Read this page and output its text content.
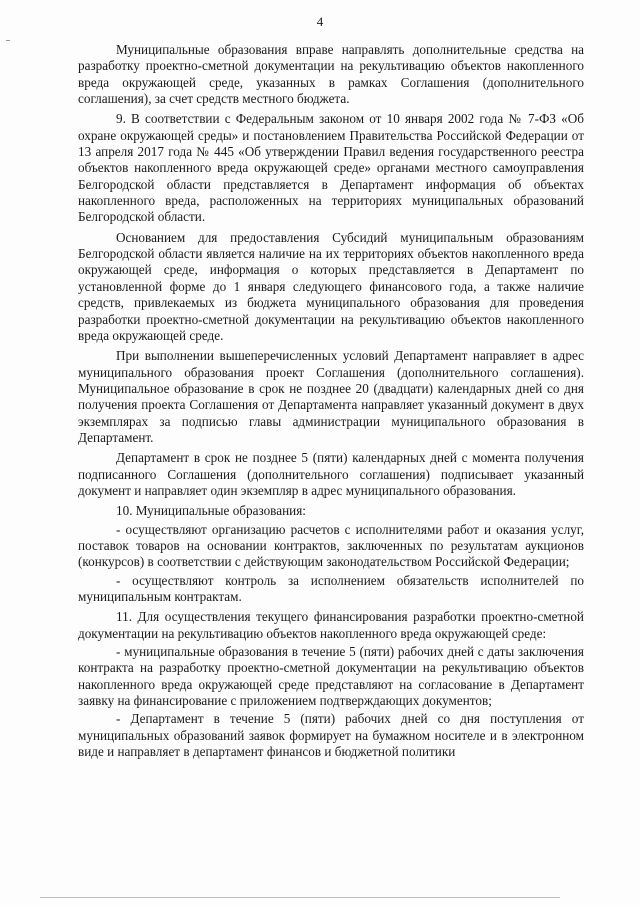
4

Муниципальные образования вправе направлять дополнительные средства на разработку проектно-сметной документации на рекультивацию объектов накопленного вреда окружающей среде, указанных в рамках Соглашения (дополнительного соглашения), за счет средств местного бюджета.

9. В соответствии с Федеральным законом от 10 января 2002 года № 7-ФЗ «Об охране окружающей среды» и постановлением Правительства Российской Федерации от 13 апреля 2017 года № 445 «Об утверждении Правил ведения государственного реестра объектов накопленного вреда окружающей среде» органами местного самоуправления Белгородской области представляется в Департамент информация об объектах накопленного вреда, расположенных на территориях муниципальных образований Белгородской области.

Основанием для предоставления Субсидий муниципальным образованиям Белгородской области является наличие на их территориях объектов накопленного вреда окружающей среде, информация о которых представляется в Департамент по установленной форме до 1 января следующего финансового года, а также наличие средств, привлекаемых из бюджета муниципального образования для проведения разработки проектно-сметной документации на рекультивацию объектов накопленного вреда окружающей среде.

При выполнении вышеперечисленных условий Департамент направляет в адрес муниципального образования проект Соглашения (дополнительного соглашения). Муниципальное образование в срок не позднее 20 (двадцати) календарных дней со дня получения проекта Соглашения от Департамента направляет указанный документ в двух экземплярах за подписью главы администрации муниципального образования в Департамент.

Департамент в срок не позднее 5 (пяти) календарных дней с момента получения подписанного Соглашения (дополнительного соглашения) подписывает указанный документ и направляет один экземпляр в адрес муниципального образования.

10. Муниципальные образования:

- осуществляют организацию расчетов с исполнителями работ и оказания услуг, поставок товаров на основании контрактов, заключенных по результатам аукционов (конкурсов) в соответствии с действующим законодательством Российской Федерации;

- осуществляют контроль за исполнением обязательств исполнителей по муниципальным контрактам.

11. Для осуществления текущего финансирования разработки проектно-сметной документации на рекультивацию объектов накопленного вреда окружающей среде:

- муниципальные образования в течение 5 (пяти) рабочих дней с даты заключения контракта на разработку проектно-сметной документации на рекультивацию объектов накопленного вреда окружающей среде представляют на согласование в Департамент заявку на финансирование с приложением подтверждающих документов;

- Департамент в течение 5 (пяти) рабочих дней со дня поступления от муниципальных образований заявок формирует на бумажном носителе и в электронном виде и направляет в департамент финансов и бюджетной политики
